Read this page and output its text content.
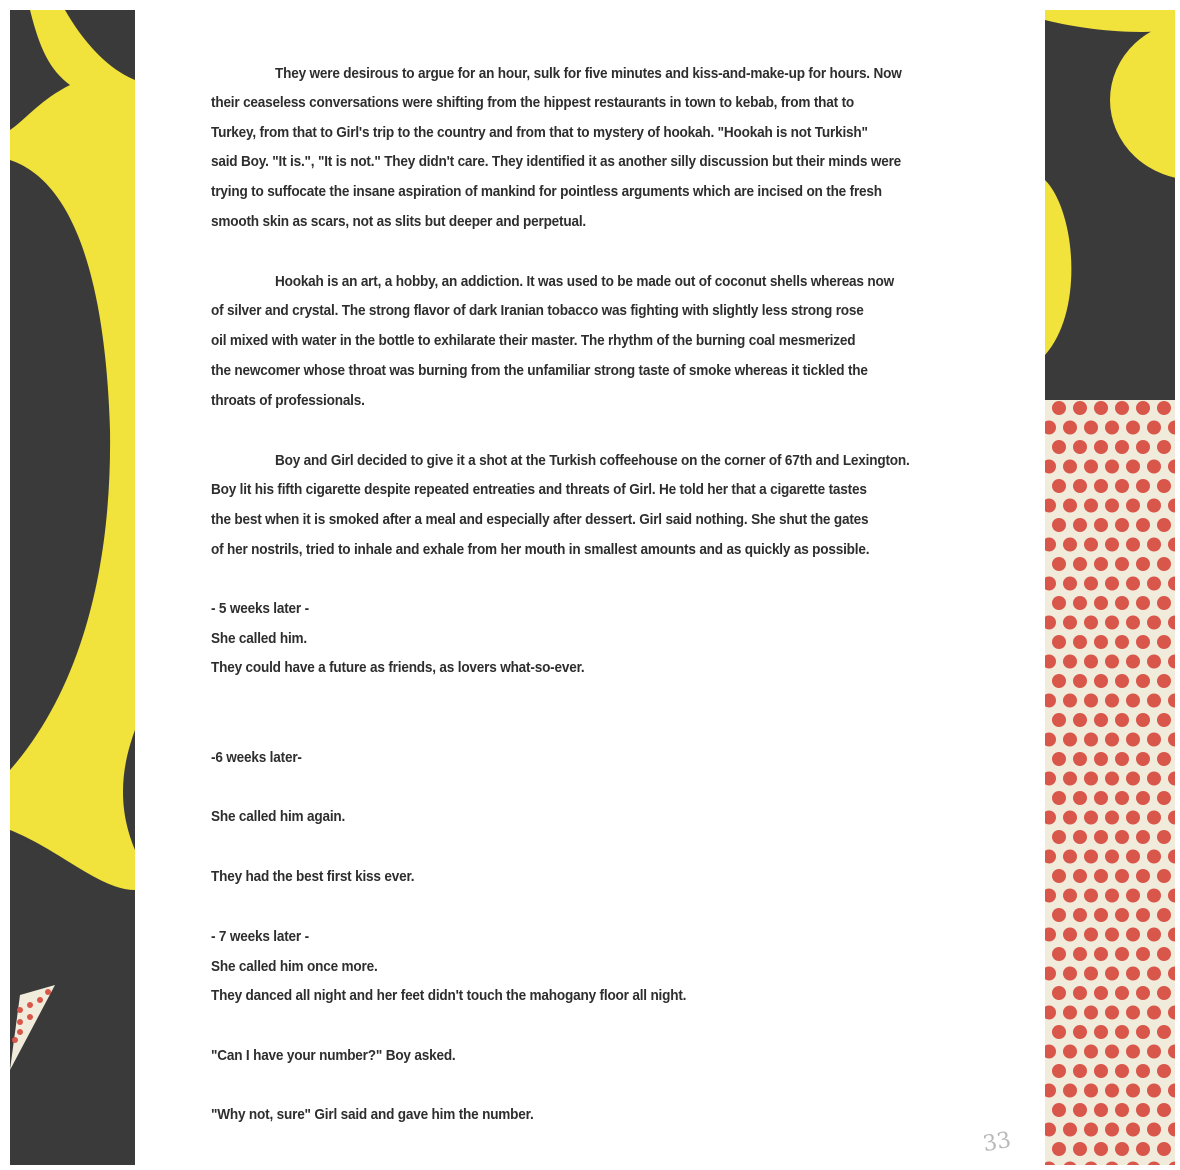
They were desirous to argue for an hour, sulk for five minutes and kiss-and-make-up for hours. Now
their ceaseless conversations were shifting from the hippest restaurants in town to kebab, from that to
Turkey, from that to Girl's trip to the country and from that to mystery of hookah. "Hookah is not Turkish"
said Boy. "It is.", "It is not." They didn't care. They identified it as another silly discussion but their minds were
trying to suffocate the insane aspiration of mankind for pointless arguments which are incised on the fresh
smooth skin as scars, not as slits but deeper and perpetual.
Hookah is an art, a hobby, an addiction. It was used to be made out of coconut shells whereas now
of silver and crystal. The strong flavor of dark Iranian tobacco was fighting with slightly less strong rose
oil mixed with water in the bottle to exhilarate their master. The rhythm of the burning coal mesmerized
the newcomer whose throat was burning from the unfamiliar strong taste of smoke whereas it tickled the
throats of professionals.
Boy and Girl decided to give it a shot at the Turkish coffeehouse on the corner of 67th and Lexington.
Boy lit his fifth cigarette despite repeated entreaties and threats of Girl. He told her that a cigarette tastes
the best when it is smoked after a meal and especially after dessert. Girl said nothing. She shut the gates
of her nostrils, tried to inhale and exhale from her mouth in smallest amounts and as quickly as possible.
- 5 weeks later -
She called him.
They could have a future as friends, as lovers what-so-ever.
-6 weeks later-
She called him again.
They had the best first kiss ever.
- 7 weeks later -
She called him once more.
They danced all night and her feet didn't touch the mahogany floor all night.
"Can I have your number?" Boy asked.
"Why not, sure" Girl said and gave him the number.
33
